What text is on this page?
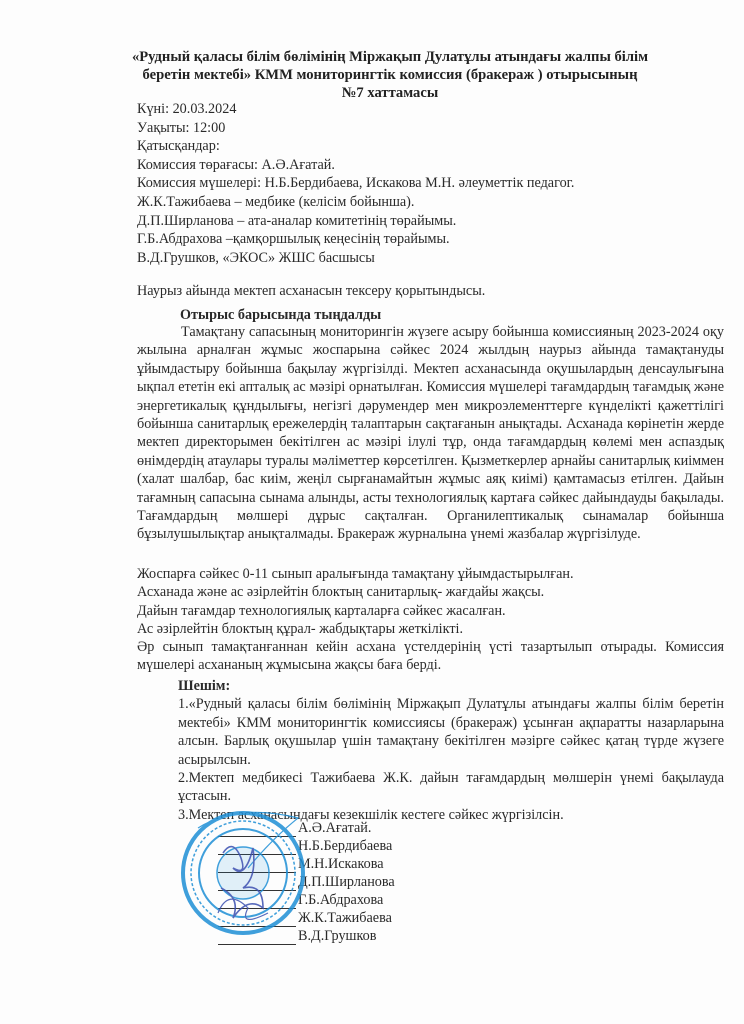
«Рудный қаласы білім бөлімінің Міржақып Дулатұлы атындағы жалпы білім
беретін мектебі» КММ мониторингтік комиссия (бракераж ) отырысының
№7 хаттамасы
Күні: 20.03.2024
Уақыты: 12:00
Қатысқандар:
Комиссия төрағасы: А.Ә.Ағатай.
Комиссия мүшелері: Н.Б.Бердибаева, Искакова М.Н. әлеуметтік педагог.
Ж.К.Тажибаева – медбике (келісім бойынша).
Д.П.Ширланова – ата-аналар комитетінің төрайымы.
Г.Б.Абдрахова –қамқоршылық кеңесінің төрайымы.
В.Д.Грушков, «ЭКОС» ЖШС басшысы
Наурыз айында мектеп асханасын тексеру қорытындысы.
Отырыс барысында тыңдалды

Тамақтану сапасының мониторингін жүзеге асыру бойынша комиссияның 2023-2024 оқу жылына арналған жұмыс жоспарына сәйкес 2024 жылдың наурыз айында тамақтануды ұйымдастыру бойынша бақылау жүргізілді. Мектеп асханасында оқушылардың денсаулығына ықпал ететін екі апталық ас мәзірі орнатылған. Комиссия мүшелері тағамдардың тағамдық және энергетикалық құндылығы, негізгі дәрумендер мен микроэлементтерге күнделікті қажеттілігі бойынша санитарлық ережелердің талаптарын сақтағанын анықтады. Асханада көрінетін жерде мектеп директорымен бекітілген ас мәзірі ілулі тұр, онда тағамдардың көлемі мен аспаздық өнімдердің атаулары туралы мәліметтер көрсетілген. Қызметкерлер арнайы санитарлық киіммен (халат шалбар, бас киім, жеңіл сырғанамайтын жұмыс аяқ киімі) қамтамасыз етілген. Дайын тағамның сапасына сынама алынды, асты технологиялық картаға сәйкес дайындауды бақылады. Тағамдардың мөлшері дұрыс сақталған. Органилептикалық сынамалар бойынша бұзылушылықтар анықталмады. Бракераж журналына үнемі жазбалар жүргізілуде.

Жоспарға сәйкес 0-11 сынып аралығында тамақтану ұйымдастырылған.
Асханада және ас әзірлейтін блоктың санитарлық- жағдайы жақсы.
Дайын тағамдар технологиялық карталарға сәйкес жасалған.
Ас әзірлейтін блоктың құрал- жабдықтары жеткілікті.
Әр сынып тамақтанғаннан кейін асхана үстелдерінің үсті тазартылып отырады. Комиссия мүшелері асхананың жұмысына жақсы баға берді.
Шешім:
1.«Рудный қаласы білім бөлімінің Міржақып Дулатұлы атындағы жалпы білім беретін мектебі» КММ мониторингтік комиссиясы (бракераж) ұсынған ақпаратты назарларына алсын. Барлық оқушылар үшін тамақтану бекітілген мәзірге сәйкес қатаң түрде жүзеге асырылсын.
2.Мектеп медбикесі Тажибаева Ж.К. дайын тағамдардың мөлшерін үнемі бақылауда ұстасын.
3.Мектеп асханасындағы кезекшілік кестеге сәйкес жүргізілсін.
А.Ә.Ағатай.
Н.Б.Бердибаева
М.Н.Искакова
Д.П.Ширланова
Г.Б.Абдрахова
Ж.К.Тажибаева
В.Д.Грушков
